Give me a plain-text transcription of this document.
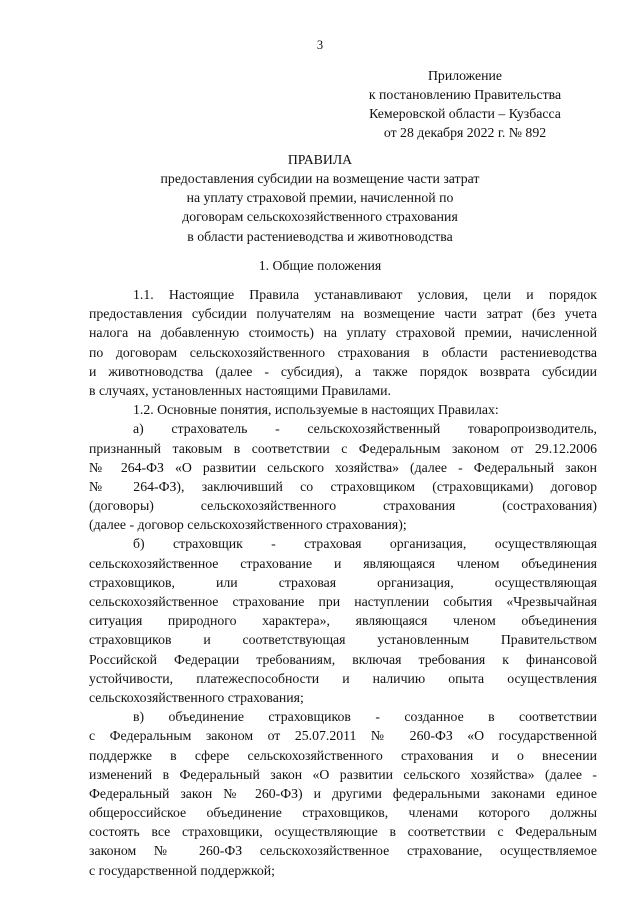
3
Приложение
к постановлению Правительства
Кемеровской области – Кузбасса
от 28 декабря 2022 г. № 892
ПРАВИЛА
предоставления субсидии на возмещение части затрат
на уплату страховой премии, начисленной по
договорам сельскохозяйственного страхования
в области растениеводства и животноводства
1. Общие положения
1.1. Настоящие Правила устанавливают условия, цели и порядок
предоставления субсидии получателям на возмещение части затрат (без учета
налога на добавленную стоимость) на уплату страховой премии, начисленной
по договорам сельскохозяйственного страхования в области растениеводства
и животноводства (далее - субсидия), а также порядок возврата субсидии
в случаях, установленных настоящими Правилами.
1.2. Основные понятия, используемые в настоящих Правилах:
а) страхователь - сельскохозяйственный товаропроизводитель,
признанный таковым в соответствии с Федеральным законом от 29.12.2006
№ 264-ФЗ «О развитии сельского хозяйства» (далее - Федеральный закон
№ 264-ФЗ), заключивший со страховщиком (страховщиками) договор
(договоры) сельскохозяйственного страхования (сострахования)
(далее - договор сельскохозяйственного страхования);
б) страховщик - страховая организация, осуществляющая
сельскохозяйственное страхование и являющаяся членом объединения
страховщиков, или страховая организация, осуществляющая
сельскохозяйственное страхование при наступлении события «Чрезвычайная
ситуация природного характера», являющаяся членом объединения
страховщиков и соответствующая установленным Правительством
Российской Федерации требованиям, включая требования к финансовой
устойчивости, платежеспособности и наличию опыта осуществления
сельскохозяйственного страхования;
в) объединение страховщиков - созданное в соответствии
с Федеральным законом от 25.07.2011 № 260-ФЗ «О государственной
поддержке в сфере сельскохозяйственного страхования и о внесении
изменений в Федеральный закон «О развитии сельского хозяйства» (далее -
Федеральный закон № 260-ФЗ) и другими федеральными законами единое
общероссийское объединение страховщиков, членами которого должны
состоять все страховщики, осуществляющие в соответствии с Федеральным
законом № 260-ФЗ сельскохозяйственное страхование, осуществляемое
с государственной поддержкой;
